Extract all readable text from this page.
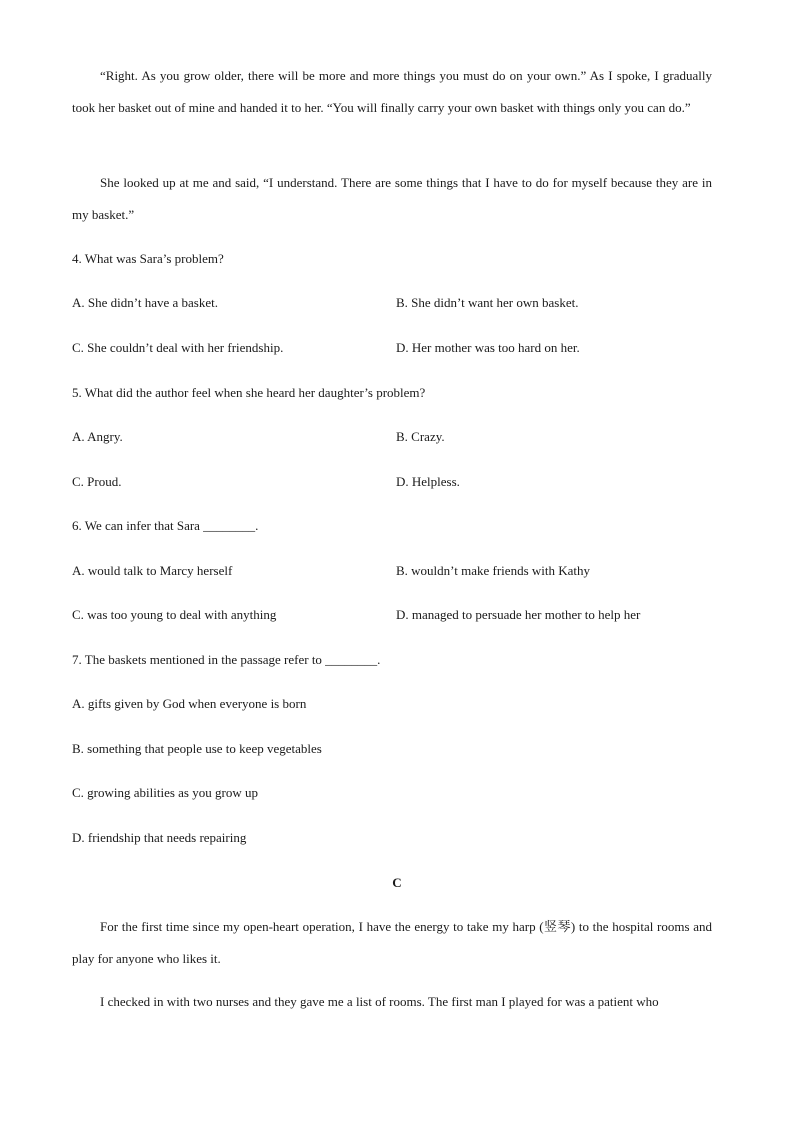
“Right. As you grow older, there will be more and more things you must do on your own.” As I spoke, I gradually took her basket out of mine and handed it to her. “You will finally carry your own basket with things only you can do.”

She looked up at me and said, “I understand. There are some things that I have to do for myself because they are in my basket.”

4. What was Sara’s problem?

A. She didn’t have a basket.	B. She didn’t want her own basket.

C. She couldn’t deal with her friendship.	D. Her mother was too hard on her.

5. What did the author feel when she heard her daughter’s problem?

A. Angry.	B. Crazy.

C. Proud.	D. Helpless.

6. We can infer that Sara ________.

A. would talk to Marcy herself	B. wouldn’t make friends with Kathy

C. was too young to deal with anything	D. managed to persuade her mother to help her

7. The baskets mentioned in the passage refer to ________.

A. gifts given by God when everyone is born

B. something that people use to keep vegetables

C. growing abilities as you grow up

D. friendship that needs repairing

C

For the first time since my open-heart operation, I have the energy to take my harp (竖琴) to the hospital rooms and play for anyone who likes it.

I checked in with two nurses and they gave me a list of rooms. The first man I played for was a patient who
